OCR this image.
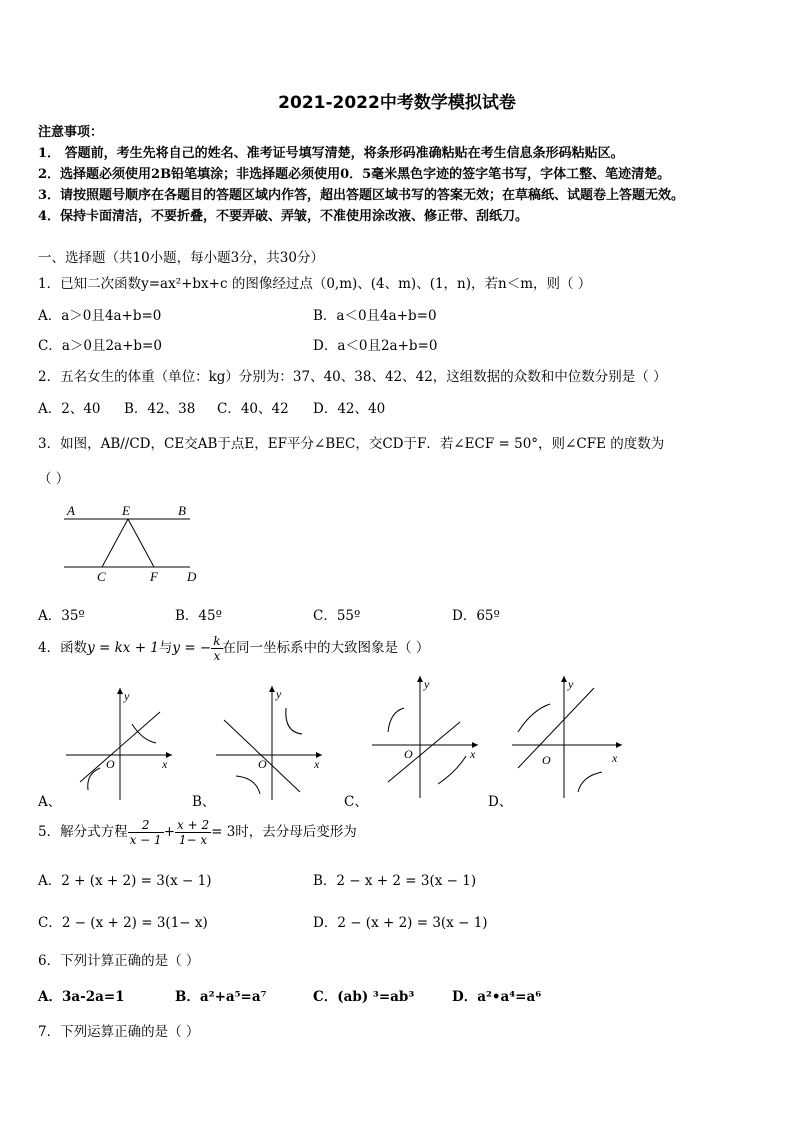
2021-2022中考数学模拟试卷
注意事项：
1． 答题前，考生先将自己的姓名、准考证号填写清楚，将条形码准确粘贴在考生信息条形码粘贴区。
2．选择题必须使用2B铅笔填涂；非选择题必须使用0．5毫米黑色字迹的签字笔书写，字体工整、笔迹清楚。
3．请按照题号顺序在各题目的答题区域内作答，超出答题区域书写的答案无效；在草稿纸、试题卷上答题无效。
4．保持卡面清洁，不要折叠，不要弄破、弄皱，不准使用涂改液、修正带、刮纸刀。
一、选择题（共10小题，每小题3分，共30分）
1．已知二次函数y=ax²+bx+c 的图像经过点（0,m)、(4、m)、(1，n)，若n＜m，则（ ）
A．a＞0且4a+b=0	B．a＜0且4a+b=0
C．a＞0且2a+b=0	D．a＜0且2a+b=0
2．五名女生的体重（单位：kg）分别为：37、40、38、42、42，这组数据的众数和中位数分别是（ ）
A．2、40 B．42、38 C．40、42 D．42、40
3．如图，AB//CD，CE交AB于点E，EF平分∠BEC，交CD于F．若∠ECF = 50°，则∠CFE 的度数为
（ ）
A	E	B
C	F D
A．35º	B．45º	C．55º	D．65º
4．函数y = kx + 1与y = − $\frac{k}{x}$ 在同一坐标系中的大致图象是（ ）
y
x
O
A、
y
x
O
B、
y
x
O
C、
y
x
O
D、
5．解分式方程 $\frac{2}{x - 1} + \frac{x + 2}{1- x} = 3$时，去分母后变形为
A．2 + (x + 2) = 3(x − 1)	B．2 − x + 2 = 3(x − 1)
C．2 − (x + 2) = 3(1− x)	D．2 − (x + 2) = 3(x − 1)
6．下列计算正确的是（ ）
A．3a-2a=1	B．a²+a⁵=a⁷	C．(ab) ³=ab³	D．a²•a⁴=a⁶
7．下列运算正确的是（ ）
